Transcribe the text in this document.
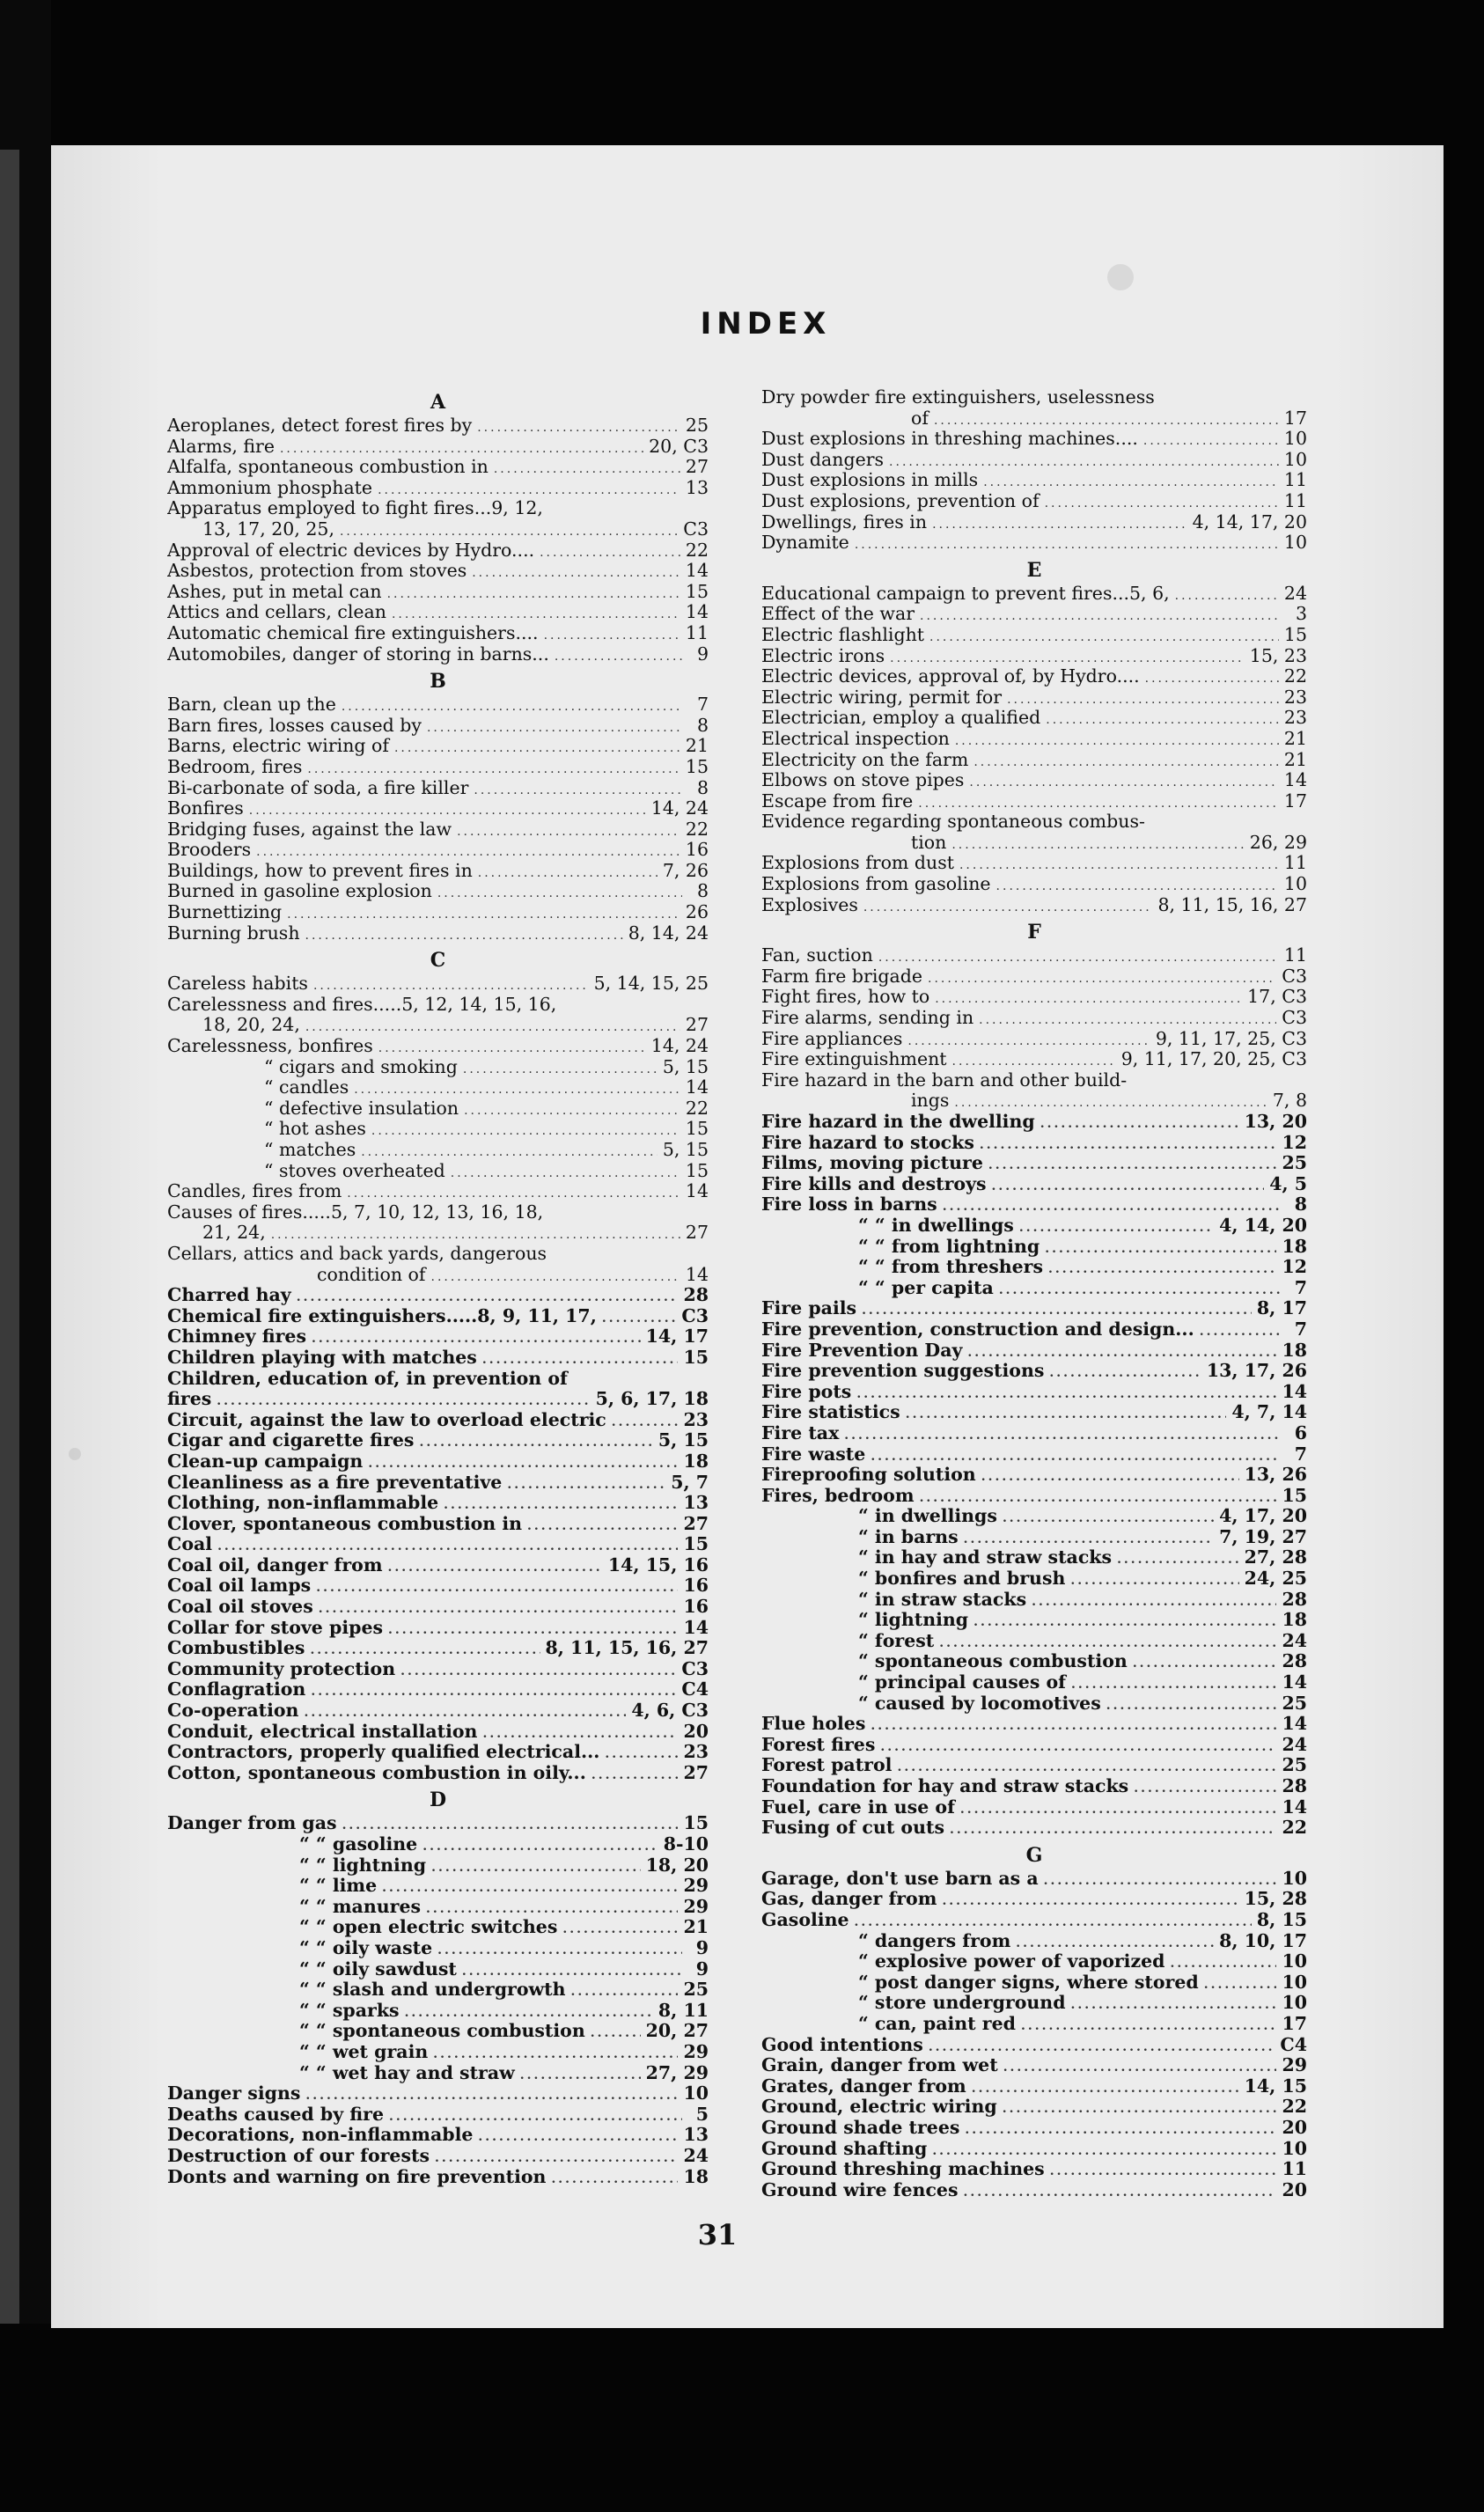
INDEX
A
Aeroplanes, detect forest fires by .....	25
Alarms, fire .....	20, C3
Alfalfa, spontaneous combustion in .....	27
Ammonium phosphate .....	13
Apparatus employed to fight fires...9, 12,
13, 17, 20, 25, .....	C3
Approval of electric devices by Hydro.... .....	22
Asbestos, protection from stoves .....	14
Ashes, put in metal can .....	15
Attics and cellars, clean .....	14
Automatic chemical fire extinguishers.... .....	11
Automobiles, danger of storing in barns... .....	9
B
Barn, clean up the .....	7
Barn fires, losses caused by .....	8
Barns, electric wiring of .....	21
Bedroom, fires .....	15
Bi-carbonate of soda, a fire killer .....	8
Bonfires .....	14, 24
Bridging fuses, against the law .....	22
Brooders .....	16
Buildings, how to prevent fires in .....	7, 26
Burned in gasoline explosion .....	8
Burnettizing .....	26
Burning brush .....	8, 14, 24
C
Careless habits .....	5, 14, 15, 25
Carelessness and fires.....5, 12, 14, 15, 16,
18, 20, 24, .....	27
Carelessness, bonfires .....	14, 24
“ cigars and smoking .....	5, 15
“ candles .....	14
“ defective insulation .....	22
“ hot ashes .....	15
“ matches .....	5, 15
“ stoves overheated .....	15
Candles, fires from .....	14
Causes of fires.....5, 7, 10, 12, 13, 16, 18,
21, 24, .....	27
Cellars, attics and back yards, dangerous
condition of .....	14
Charred hay .....	28
Chemical fire extinguishers.....8, 9, 11, 17, .....	C3
Chimney fires .....	14, 17
Children playing with matches .....	15
Children, education of, in prevention of
fires .....	5, 6, 17, 18
Circuit, against the law to overload electric .....	23
Cigar and cigarette fires .....	5, 15
Clean-up campaign .....	18
Cleanliness as a fire preventative .....	5, 7
Clothing, non-inflammable .....	13
Clover, spontaneous combustion in .....	27
Coal .....	15
Coal oil, danger from .....	14, 15, 16
Coal oil lamps .....	16
Coal oil stoves .....	16
Collar for stove pipes .....	14
Combustibles .....	8, 11, 15, 16, 27
Community protection .....	C3
Conflagration .....	C4
Co-operation .....	4, 6, C3
Conduit, electrical installation .....	20
Contractors, properly qualified electrical... .....	23
Cotton, spontaneous combustion in oily... .....	27
D
Danger from gas .....	15
“ “ gasoline .....	8-10
“ “ lightning .....	18, 20
“ “ lime .....	29
“ “ manures .....	29
“ “ open electric switches .....	21
“ “ oily waste .....	9
“ “ oily sawdust .....	9
“ “ slash and undergrowth .....	25
“ “ sparks .....	8, 11
“ “ spontaneous combustion .....	20, 27
“ “ wet grain .....	29
“ “ wet hay and straw .....	27, 29
Danger signs .....	10
Deaths caused by fire .....	5
Decorations, non-inflammable .....	13
Destruction of our forests .....	24
Donts and warning on fire prevention .....	18
Dry powder fire extinguishers, uselessness
of .....	17
Dust explosions in threshing machines.... .....	10
Dust dangers .....	10
Dust explosions in mills .....	11
Dust explosions, prevention of .....	11
Dwellings, fires in .....	4, 14, 17, 20
Dynamite .....	10
E
Educational campaign to prevent fires...5, 6, .....	24
Effect of the war .....	3
Electric flashlight .....	15
Electric irons .....	15, 23
Electric devices, approval of, by Hydro.... .....	22
Electric wiring, permit for .....	23
Electrician, employ a qualified .....	23
Electrical inspection .....	21
Electricity on the farm .....	21
Elbows on stove pipes .....	14
Escape from fire .....	17
Evidence regarding spontaneous combus-
tion .....	26, 29
Explosions from dust .....	11
Explosions from gasoline .....	10
Explosives .....	8, 11, 15, 16, 27
F
Fan, suction .....	11
Farm fire brigade .....	C3
Fight fires, how to .....	17, C3
Fire alarms, sending in .....	C3
Fire appliances .....	9, 11, 17, 25, C3
Fire extinguishment .....	9, 11, 17, 20, 25, C3
Fire hazard in the barn and other build-
ings .....	7, 8
Fire hazard in the dwelling .....	13, 20
Fire hazard to stocks .....	12
Films, moving picture .....	25
Fire kills and destroys .....	4, 5
Fire loss in barns .....	8
“ “ in dwellings .....	4, 14, 20
“ “ from lightning .....	18
“ “ from threshers .....	12
“ “ per capita .....	7
Fire pails .....	8, 17
Fire prevention, construction and design... .....	7
Fire Prevention Day .....	18
Fire prevention suggestions .....	13, 17, 26
Fire pots .....	14
Fire statistics .....	4, 7, 14
Fire tax .....	6
Fire waste .....	7
Fireproofing solution .....	13, 26
Fires, bedroom .....	15
“ in dwellings .....	4, 17, 20
“ in barns .....	7, 19, 27
“ in hay and straw stacks .....	27, 28
“ bonfires and brush .....	24, 25
“ in straw stacks .....	28
“ lightning .....	18
“ forest .....	24
“ spontaneous combustion .....	28
“ principal causes of .....	14
“ caused by locomotives .....	25
Flue holes .....	14
Forest fires .....	24
Forest patrol .....	25
Foundation for hay and straw stacks .....	28
Fuel, care in use of .....	14
Fusing of cut outs .....	22
G
Garage, don't use barn as a .....	10
Gas, danger from .....	15, 28
Gasoline .....	8, 15
“ dangers from .....	8, 10, 17
“ explosive power of vaporized .....	10
“ post danger signs, where stored .....	10
“ store underground .....	10
“ can, paint red .....	17
Good intentions .....	C4
Grain, danger from wet .....	29
Grates, danger from .....	14, 15
Ground, electric wiring .....	22
Ground shade trees .....	20
Ground shafting .....	10
Ground threshing machines .....	11
Ground wire fences .....	20
31
